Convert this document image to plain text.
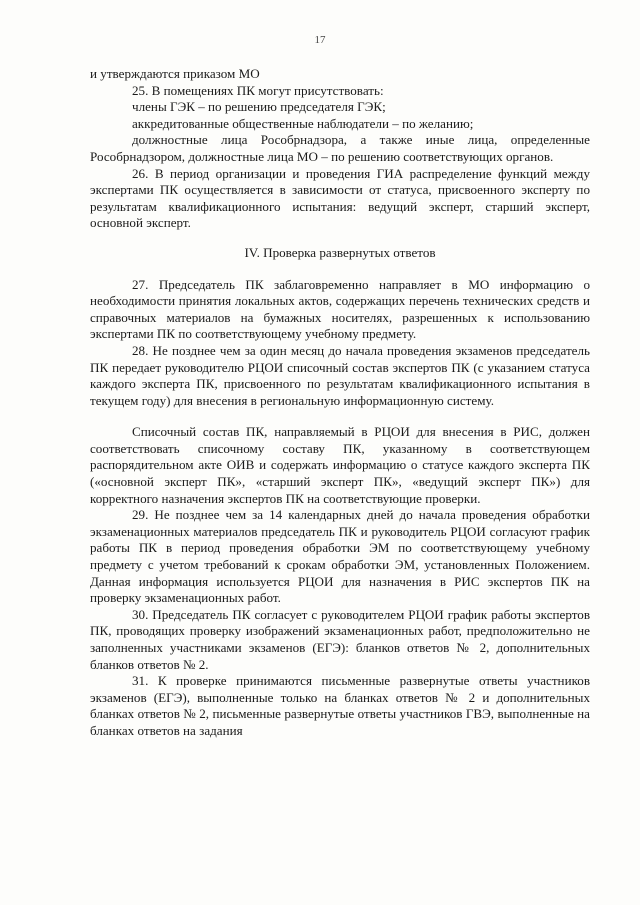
17

и утверждаются приказом МО

25. В помещениях ПК могут присутствовать:

члены ГЭК – по решению председателя ГЭК;

аккредитованные общественные наблюдатели – по желанию;

должностные лица Рособрнадзора, а также иные лица, определенные Рособрнадзором, должностные лица МО – по решению соответствующих органов.

26. В период организации и проведения ГИА распределение функций между экспертами ПК осуществляется в зависимости от статуса, присвоенного эксперту по результатам квалификационного испытания: ведущий эксперт, старший эксперт, основной эксперт.

IV. Проверка развернутых ответов

27. Председатель ПК заблаговременно направляет в МО информацию о необходимости принятия локальных актов, содержащих перечень технических средств и справочных материалов на бумажных носителях, разрешенных к использованию экспертами ПК по соответствующему учебному предмету.

28. Не позднее чем за один месяц до начала проведения экзаменов председатель ПК передает руководителю РЦОИ списочный состав экспертов ПК (с указанием статуса каждого эксперта ПК, присвоенного по результатам квалификационного испытания в текущем году) для внесения в региональную информационную систему.

Списочный состав ПК, направляемый в РЦОИ для внесения в РИС, должен соответствовать списочному составу ПК, указанному в соответствующем распорядительном акте ОИВ и содержать информацию о статусе каждого эксперта ПК («основной эксперт ПК», «старший эксперт ПК», «ведущий эксперт ПК») для корректного назначения экспертов ПК на соответствующие проверки.

29. Не позднее чем за 14 календарных дней до начала проведения обработки экзаменационных материалов председатель ПК и руководитель РЦОИ согласуют график работы ПК в период проведения обработки ЭМ по соответствующему учебному предмету с учетом требований к срокам обработки ЭМ, установленных Положением. Данная информация используется РЦОИ для назначения в РИС экспертов ПК на проверку экзаменационных работ.

30. Председатель ПК согласует с руководителем РЦОИ график работы экспертов ПК, проводящих проверку изображений экзаменационных работ, предположительно не заполненных участниками экзаменов (ЕГЭ): бланков ответов № 2, дополнительных бланков ответов № 2.

31. К проверке принимаются письменные развернутые ответы участников экзаменов (ЕГЭ), выполненные только на бланках ответов № 2 и дополнительных бланках ответов № 2, письменные развернутые ответы участников ГВЭ, выполненные на бланках ответов на задания
